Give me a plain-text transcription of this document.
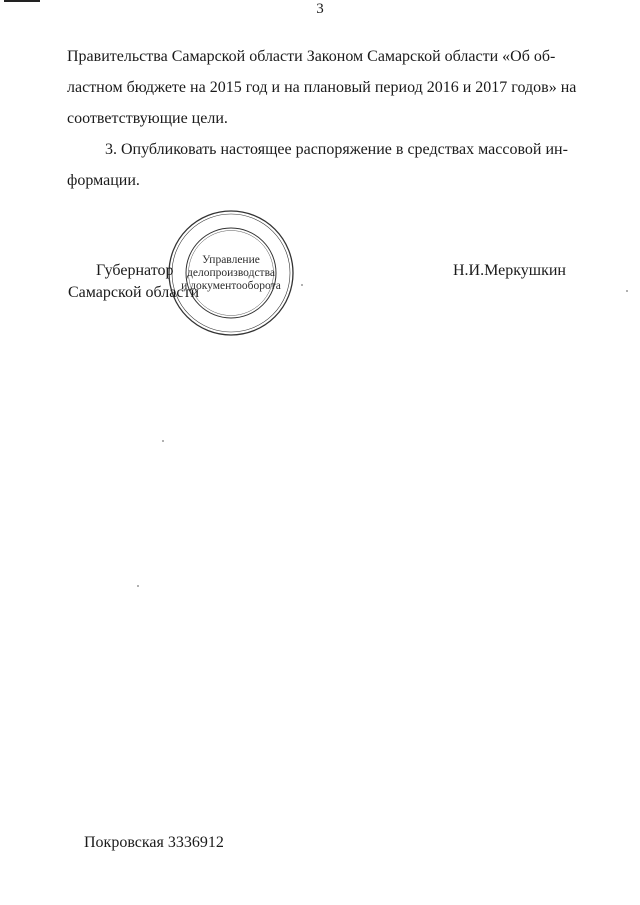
3
Правительства Самарской области Законом Самарской области «Об об-
ластном бюджете на 2015 год и на плановый период 2016 и 2017 годов» на
соответствующие цели.
3. Опубликовать настоящее распоряжение в средствах массовой ин-
формации.
Управление
делопроизводства
и документооборота
Губернатор
Самарской области
Н.И.Меркушкин
Покровская 3336912
